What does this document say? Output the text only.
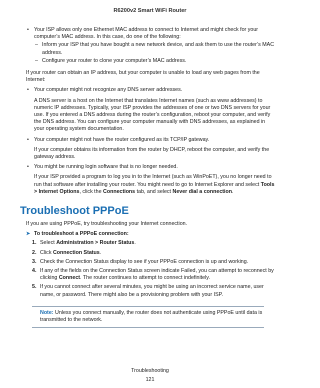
R6200v2 Smart WiFi Router
• Your ISP allows only one Ethernet MAC address to connect to Internet and might check for your computer’s MAC address. In this case, do one of the following:
– Inform your ISP that you have bought a new network device, and ask them to use the router’s MAC address.
– Configure your router to clone your computer’s MAC address.
If your router can obtain an IP address, but your computer is unable to load any web pages from the Internet:
• Your computer might not recognize any DNS server addresses.
A DNS server is a host on the Internet that translates Internet names (such as www addresses) to numeric IP addresses. Typically, your ISP provides the addresses of one or two DNS servers for your use. If you entered a DNS address during the router’s configuration, reboot your computer, and verify the DNS address. You can configure your computer manually with DNS addresses, as explained in your operating system documentation.
• Your computer might not have the router configured as its TCP/IP gateway.
If your computer obtains its information from the router by DHCP, reboot the computer, and verify the gateway address.
• You might be running login software that is no longer needed.
If your ISP provided a program to log you in to the Internet (such as WinPoET), you no longer need to run that software after installing your router. You might need to go to Internet Explorer and select Tools > Internet Options, click the Connections tab, and select Never dial a connection.
Troubleshoot PPPoE
If you are using PPPoE, try troubleshooting your Internet connection.
➤ To troubleshoot a PPPoE connection:
1. Select Administration > Router Status.
2. Click Connection Status.
3. Check the Connection Status display to see if your PPPoE connection is up and working.
4. If any of the fields on the Connection Status screen indicate Failed, you can attempt to reconnect by clicking Connect. The router continues to attempt to connect indefinitely.
5. If you cannot connect after several minutes, you might be using an incorrect service name, user name, or password. There might also be a provisioning problem with your ISP.
Note: Unless you connect manually, the router does not authenticate using PPPoE until data is transmitted to the network.
Troubleshooting
121
